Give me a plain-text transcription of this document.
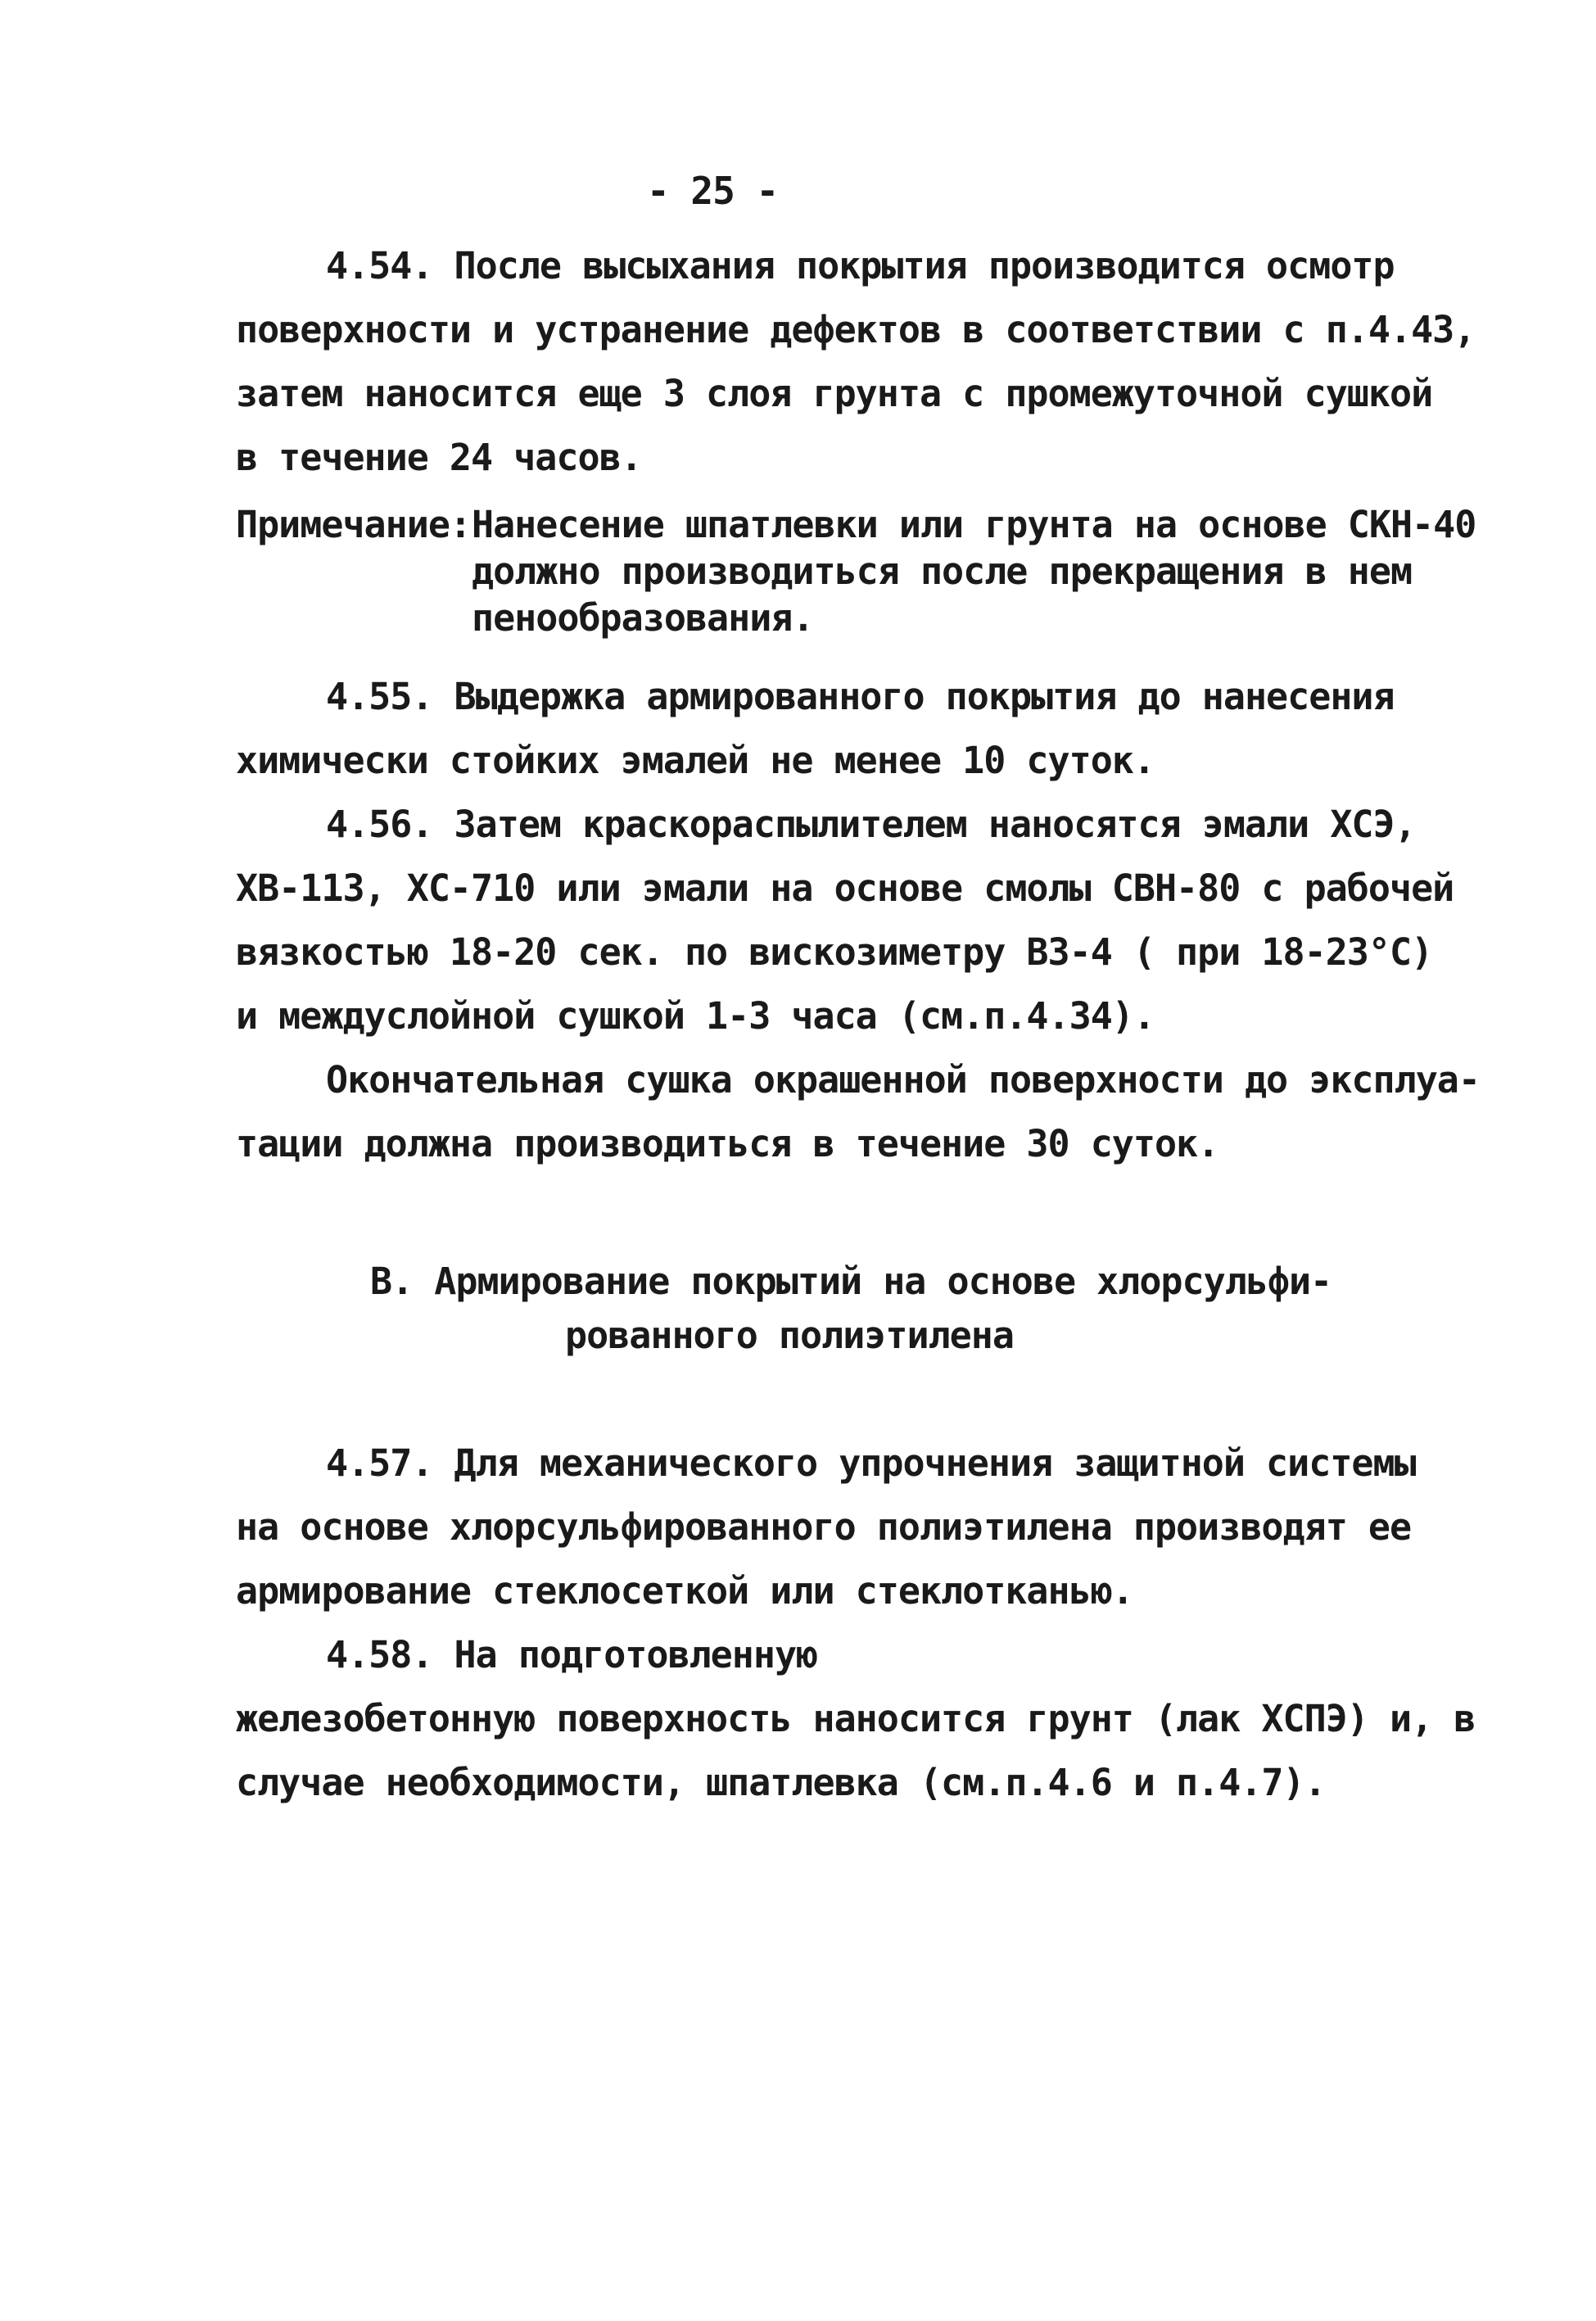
- 25 -
4.54. После высыхания покрытия производится осмотр
поверхности и устранение дефектов в соответствии с п.4.43,
затем наносится еще 3 слоя грунта с промежуточной сушкой
в течение 24 часов.
Примечание: Нанесение шпатлевки или грунта на основе СКН-40
должно производиться после прекращения в нем
пенообразования.
4.55. Выдержка армированного покрытия до нанесения
химически стойких эмалей не менее 10 суток.
4.56. Затем краскораспылителем наносятся эмали ХСЭ,
ХВ-113, ХС-710 или эмали на основе смолы СВН-80 с рабочей
вязкостью 18-20 сек. по вискозиметру ВЗ-4 ( при 18-23°С)
и междуслойной сушкой 1-3 часа (см.п.4.34).
Окончательная сушка окрашенной поверхности до эксплуа-
тации должна производиться в течение 30 суток.
В. Армирование покрытий на основе хлорсульфи-
рованного полиэтилена
4.57. Для механического упрочнения защитной системы
на основе хлорсульфированного полиэтилена производят ее
армирование стеклосеткой или стеклотканью.
4.58. На подготовленную
железобетонную поверхность наносится грунт (лак ХСПЭ) и, в
случае необходимости, шпатлевка (см.п.4.6 и п.4.7).
